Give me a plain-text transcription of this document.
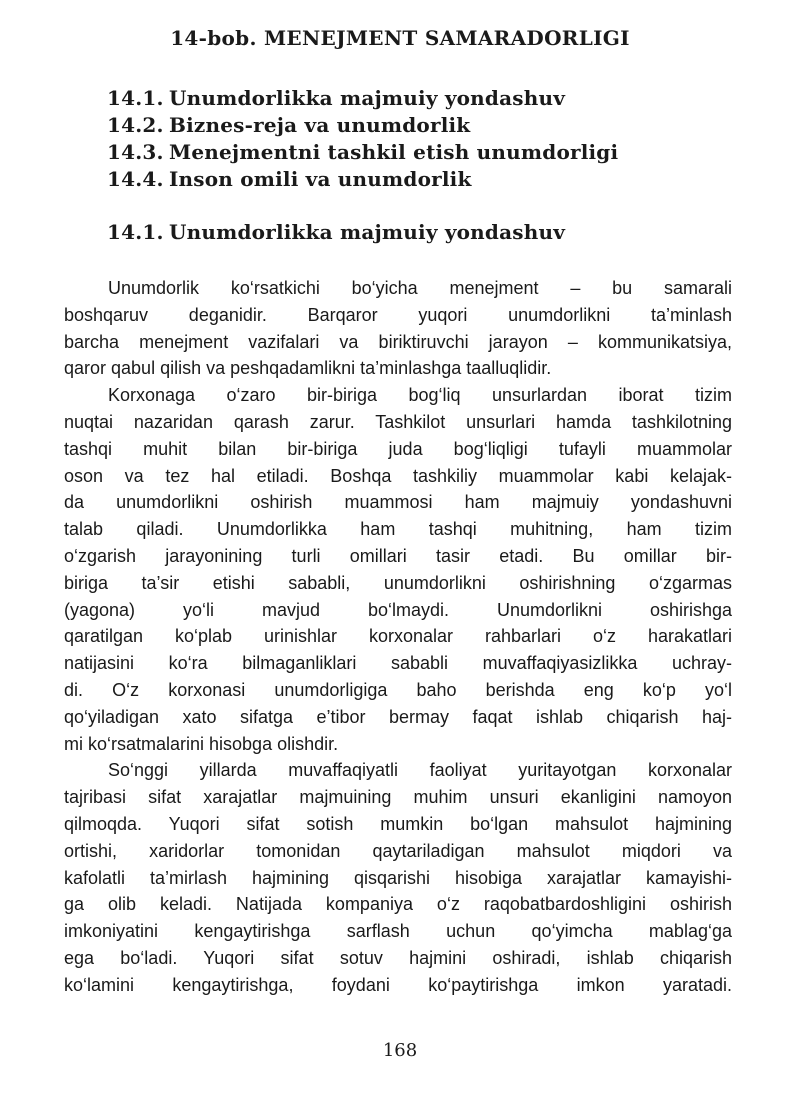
14-bob. MENEJMENT SAMARADORLIGI
14.1. Unumdorlikka majmuiy yondashuv
14.2. Biznes-reja va unumdorlik
14.3. Menejmentni tashkil etish unumdorligi
14.4. Inson omili va unumdorlik
14.1. Unumdorlikka majmuiy yondashuv
Unumdorlik ko‘rsatkichi bo‘yicha menejment – bu samarali
boshqaruv deganidir. Barqaror yuqori unumdorlikni ta’minlash
barcha menejment vazifalari va biriktiruvchi jarayon – kommunikatsiya,
qaror qabul qilish va peshqadamlikni ta’minlashga taalluqlidir.
Korxonaga o‘zaro bir-biriga bog‘liq unsurlardan iborat tizim
nuqtai nazaridan qarash zarur. Tashkilot unsurlari hamda tashkilotning
tashqi muhit bilan bir-biriga juda bog‘liqligi tufayli muammolar
oson va tez hal etiladi. Boshqa tashkiliy muammolar kabi kelajak-
da unumdorlikni oshirish muammosi ham majmuiy yondashuvni
talab qiladi. Unumdorlikka ham tashqi muhitning, ham tizim
o‘zgarish jarayonining turli omillari tasir etadi. Bu omillar bir-
biriga ta’sir etishi sababli, unumdorlikni oshirishning o‘zgarmas
(yagona) yo‘li mavjud bo‘lmaydi. Unumdorlikni oshirishga
qaratilgan ko‘plab urinishlar korxonalar rahbarlari o‘z harakatlari
natijasini ko‘ra bilmaganliklari sababli muvaffaqiyasizlikka uchray-
di. O‘z korxonasi unumdorligiga baho berishda eng ko‘p yo‘l
qo‘yiladigan xato sifatga e’tibor bermay faqat ishlab chiqarish haj-
mi ko‘rsatmalarini hisobga olishdir.
So‘nggi yillarda muvaffaqiyatli faoliyat yuritayotgan korxonalar
tajribasi sifat xarajatlar majmuining muhim unsuri ekanligini namoyon
qilmoqda. Yuqori sifat sotish mumkin bo‘lgan mahsulot hajmining
ortishi, xaridorlar tomonidan qaytariladigan mahsulot miqdori va
kafolatli ta’mirlash hajmining qisqarishi hisobiga xarajatlar kamayishi-
ga olib keladi. Natijada kompaniya o‘z raqobatbardoshligini oshirish
imkoniyatini kengaytirishga sarflash uchun qo‘yimcha mablag‘ga
ega bo‘ladi. Yuqori sifat sotuv hajmini oshiradi, ishlab chiqarish
ko‘lamini kengaytirishga, foydani ko‘paytirishga imkon yaratadi.
168
